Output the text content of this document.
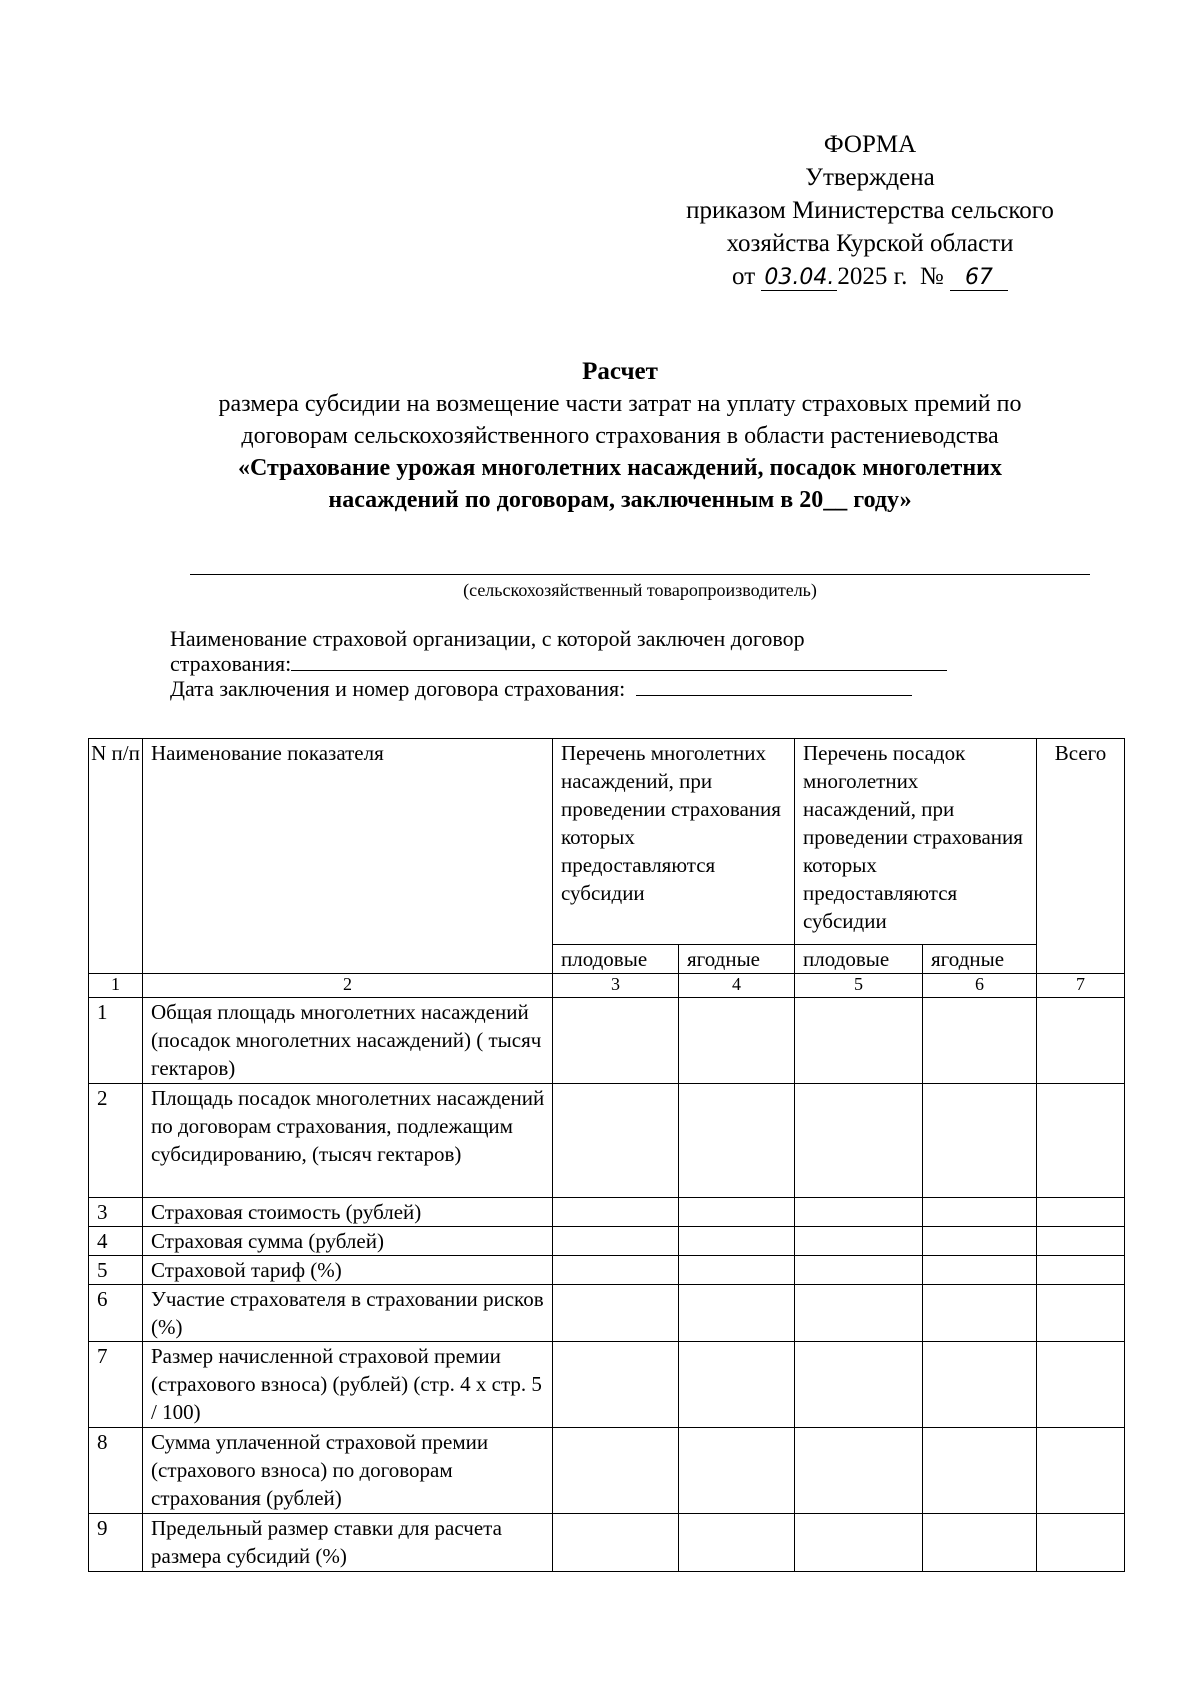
ФОРМА
Утверждена
приказом Министерства сельского
хозяйства Курской области
от 03.04. 2025 г. № 67
Расчет
размера субсидии на возмещение части затрат на уплату страховых премий по
договорам сельскохозяйственного страхования в области растениеводства
«Страхование урожая многолетних насаждений, посадок многолетних
насаждений по договорам, заключенным в 20__ году»
(сельскохозяйственный товаропроизводитель)
Наименование страховой организации, с которой заключен договор
страхования:
Дата заключения и номер договора страхования:
N п/п	Наименование показателя	Перечень многолетних насаждений, при проведении страхования которых предоставляются субсидии		Перечень посадок многолетних насаждений, при проведении страхования которых предоставляются субсидии		Всего
		плодовые	ягодные	плодовые	ягодные	
1	2	3	4	5	6	7
1	Общая площадь многолетних насаждений (посадок многолетних насаждений) ( тысяч гектаров)					
2	Площадь посадок многолетних насаждений по договорам страхования, подлежащим субсидированию, (тысяч гектаров)					
3	Страховая стоимость (рублей)					
4	Страховая сумма (рублей)					
5	Страховой тариф (%)					
6	Участие страхователя в страховании рисков (%)					
7	Размер начисленной страховой премии (страхового взноса) (рублей) (стр. 4 x стр. 5 / 100)					
8	Сумма уплаченной страховой премии (страхового взноса) по договорам страхования (рублей)					
9	Предельный размер ставки для расчета размера субсидий (%)					
